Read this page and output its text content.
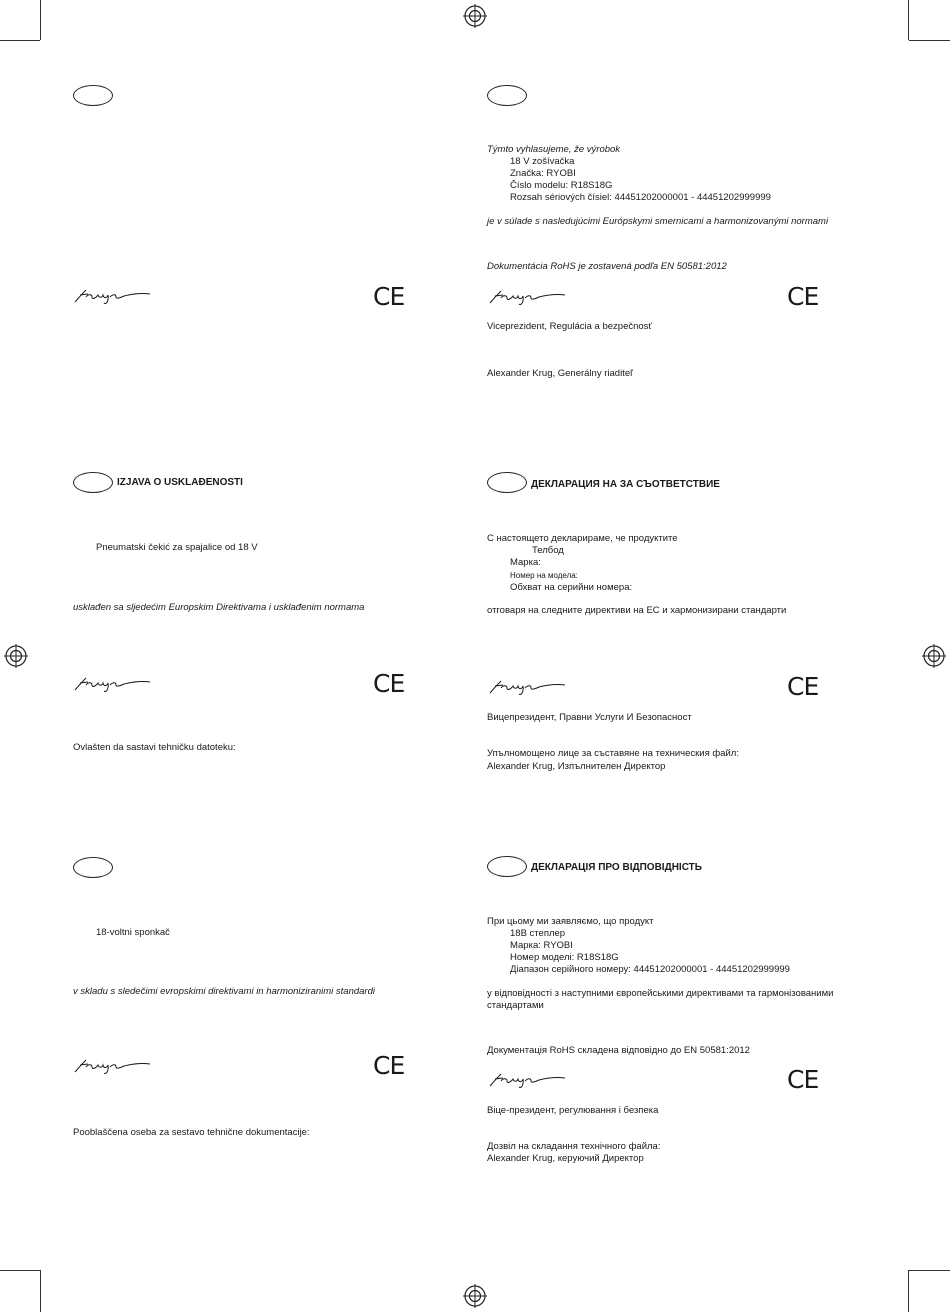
CE
Týmto vyhlasujeme, že výrobok
18 V zošívačka
Značka: RYOBI
Číslo modelu: R18S18G
Rozsah sériových čísiel: 44451202000001 - 44451202999999
je v súlade s nasledujúcimi Európskymi smernicami a harmonizovanými normami
Dokumentácia RoHS je zostavená podľa EN 50581:2012
CE
Viceprezident, Regulácia a bezpečnosť
Alexander Krug, Generálny riaditeľ
IZJAVA O USKLAĐENOSTI
Pneumatski čekić za spajalice od 18 V
usklađen sa sljedećim Europskim Direktivama i usklađenim normama
CE
Ovlašten da sastavi tehničku datoteku:
ДЕКЛАРАЦИЯ НА ЗА СЪОТВЕТСТВИЕ
С настоящето декларираме, че продуктите
Телбод
Марка:
Номер на модела:
Обхват на серийни номера:
отговаря на следните директиви на ЕС и хармонизирани стандарти
CE
Вицепрезидент, Правни Услуги И Безопасност
Упълномощено лице за съставяне на техническия файл:
Alexander Krug, Изпълнителен Директор
18-voltni sponkač
v skladu s sledečimi evropskimi direktivami in harmoniziranimi standardi
CE
Pooblaščena oseba za sestavo tehnične dokumentacije:
ДЕКЛАРАЦІЯ ПРО ВІДПОВІДНІСТЬ
При цьому ми заявляємо, що продукт
18В степлер
Марка: RYOBI
Номер моделі: R18S18G
Діапазон серійного номеру: 44451202000001 - 44451202999999
у відповідності з наступними європейськими директивами та гармонізованими
стандартами
Документація RoHS складена відповідно до EN 50581:2012
CE
Віце-президент, регулювання і безпека
Дозвіл на складання технічного файла:
Alexander Krug, керуючий Директор
